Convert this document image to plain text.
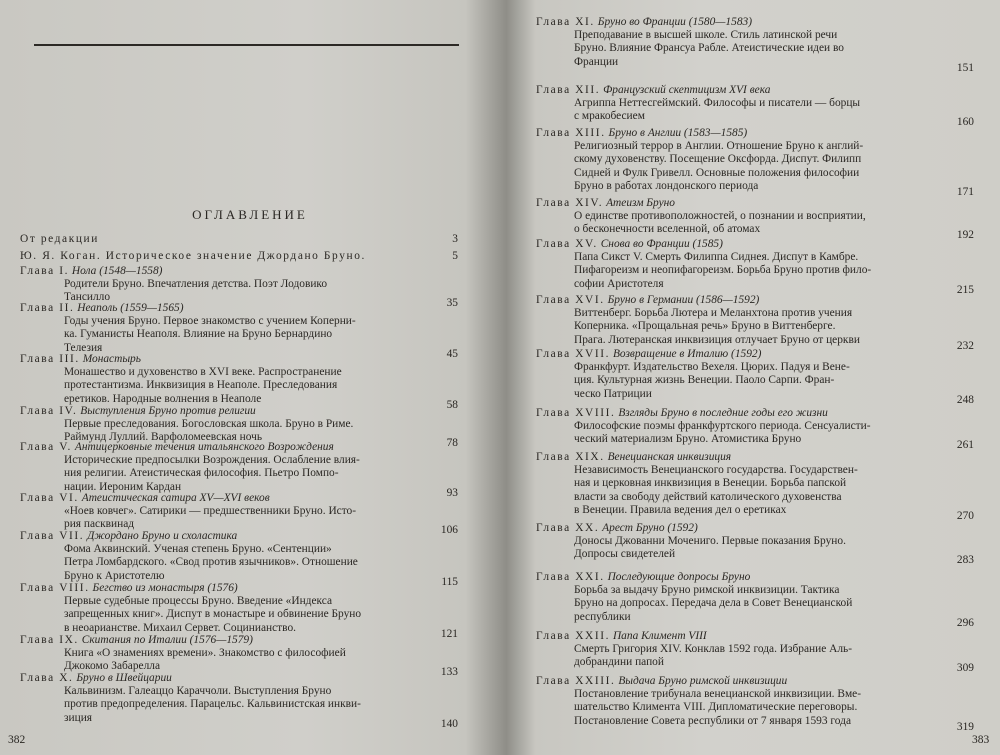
ОГЛАВЛЕНИЕ
От редакции	3
Ю. Я. Коган. Историческое значение Джордано Бруно.	5
Глава I. Нола (1548—1558)
Родители Бруно. Впечатления детства. Поэт Лодовико
Тансилло	35
Глава II. Неаполь (1559—1565)
Годы учения Бруно. Первое знакомство с учением Коперни-
ка. Гуманисты Неаполя. Влияние на Бруно Бернардино
Телезия	45
Глава III. Монастырь
Монашество и духовенство в XVI веке. Распространение
протестантизма. Инквизиция в Неаполе. Преследования
еретиков. Народные волнения в Неаполе	58
Глава IV. Выступления Бруно против религии
Первые преследования. Богословская школа. Бруно в Риме.
Раймунд Луллий. Варфоломеевская ночь	78
Глава V. Антицерковные течения итальянского Возрождения
Исторические предпосылки Возрождения. Ослабление влия-
ния религии. Атеистическая философия. Пьетро Помпо-
нации. Иероним Кардан	93
Глава VI. Атеистическая сатира XV—XVI веков
«Ноев ковчег». Сатирики — предшественники Бруно. Исто-
рия пасквинад	106
Глава VII. Джордано Бруно и схоластика
Фома Аквинский. Ученая степень Бруно. «Сентенции»
Петра Ломбардского. «Свод против язычников». Отношение
Бруно к Аристотелю	115
Глава VIII. Бегство из монастыря (1576)
Первые судебные процессы Бруно. Введение «Индекса
запрещенных книг». Диспут в монастыре и обвинение Бруно
в неоарианстве. Михаил Сервет. Социнианство.	121
Глава IX. Скитания по Италии (1576—1579)
Книга «О знамениях времени». Знакомство с философией
Джокомо Забарелла	133
Глава X. Бруно в Швейцарии
Кальвинизм. Галеаццо Караччоли. Выступления Бруно
против предопределения. Парацельс. Кальвинистская инкви-
зиция	140
382
Глава XI. Бруно во Франции (1580—1583)
Преподавание в высшей школе. Стиль латинской речи
Бруно. Влияние Франсуа Рабле. Атеистические идеи во
Франции	151
Глава XII. Французский скептицизм XVI века
Агриппа Неттесгеймский. Философы и писатели — борцы
с мракобесием	160
Глава XIII. Бруно в Англии (1583—1585)
Религиозный террор в Англии. Отношение Бруно к англий-
скому духовенству. Посещение Оксфорда. Диспут. Филипп
Сидней и Фулк Гривелл. Основные положения философии
Бруно в работах лондонского периода	171
Глава XIV. Атеизм Бруно
О единстве противоположностей, о познании и восприятии,
о бесконечности вселенной, об атомах	192
Глава XV. Снова во Франции (1585)
Папа Сикст V. Смерть Филиппа Сиднея. Диспут в Камбре.
Пифагореизм и неопифагореизм. Борьба Бруно против фило-
софии Аристотеля	215
Глава XVI. Бруно в Германии (1586—1592)
Виттенберг. Борьба Лютера и Меланхтона против учения
Коперника. «Прощальная речь» Бруно в Виттенберге.
Прага. Лютеранская инквизиция отлучает Бруно от церкви	232
Глава XVII. Возвращение в Италию (1592)
Франкфурт. Издательство Вехеля. Цюрих. Падуя и Вене-
ция. Культурная жизнь Венеции. Паоло Сарпи. Фран-
ческо Патриции	248
Глава XVIII. Взгляды Бруно в последние годы его жизни
Философские поэмы франкфуртского периода. Сенсуалисти-
ческий материализм Бруно. Атомистика Бруно	261
Глава XIX. Венецианская инквизиция
Независимость Венецианского государства. Государствен-
ная и церковная инквизиция в Венеции. Борьба папской
власти за свободу действий католического духовенства
в Венеции. Правила ведения дел о еретиках	270
Глава XX. Арест Бруно (1592)
Доносы Джованни Мочениго. Первые показания Бруно.
Допросы свидетелей	283
Глава XXI. Последующие допросы Бруно
Борьба за выдачу Бруно римской инквизиции. Тактика
Бруно на допросах. Передача дела в Совет Венецианской
республики	296
Глава XXII. Папа Климент VIII
Смерть Григория XIV. Конклав 1592 года. Избрание Аль-
добрандини папой	309
Глава XXIII. Выдача Бруно римской инквизиции
Постановление трибунала венецианской инквизиции. Вме-
шательство Климента VIII. Дипломатические переговоры.
Постановление Совета республики от 7 января 1593 года	319
383
